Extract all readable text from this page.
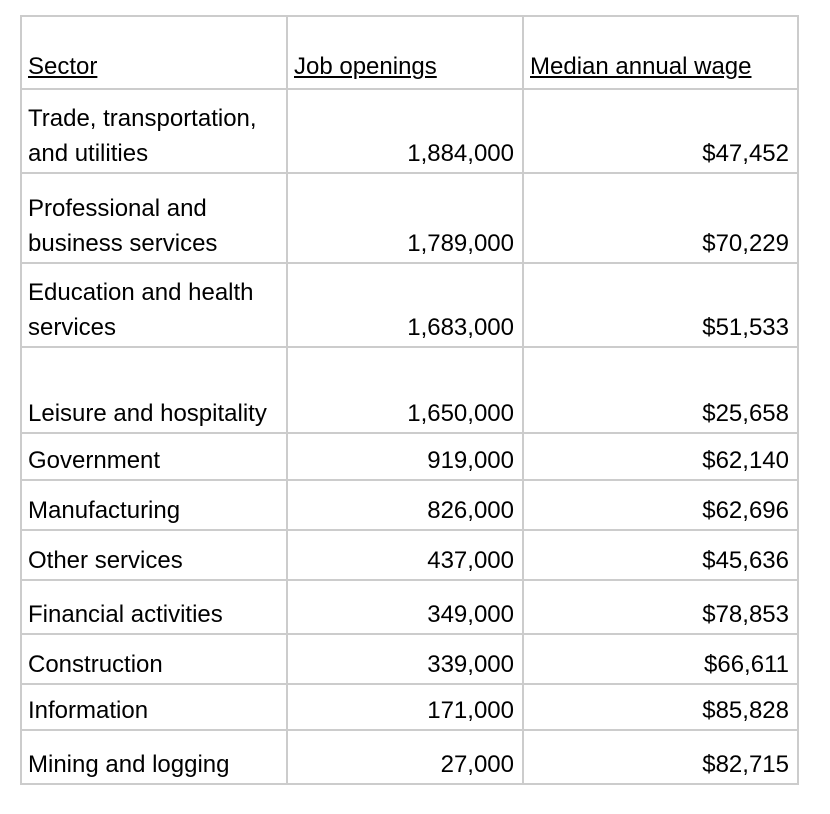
Sector	Job openings	Median annual wage
Trade, transportation, and utilities	1,884,000	$47,452
Professional and business services	1,789,000	$70,229
Education and health services	1,683,000	$51,533
Leisure and hospitality	1,650,000	$25,658
Government	919,000	$62,140
Manufacturing	826,000	$62,696
Other services	437,000	$45,636
Financial activities	349,000	$78,853
Construction	339,000	$66,611
Information	171,000	$85,828
Mining and logging	27,000	$82,715
